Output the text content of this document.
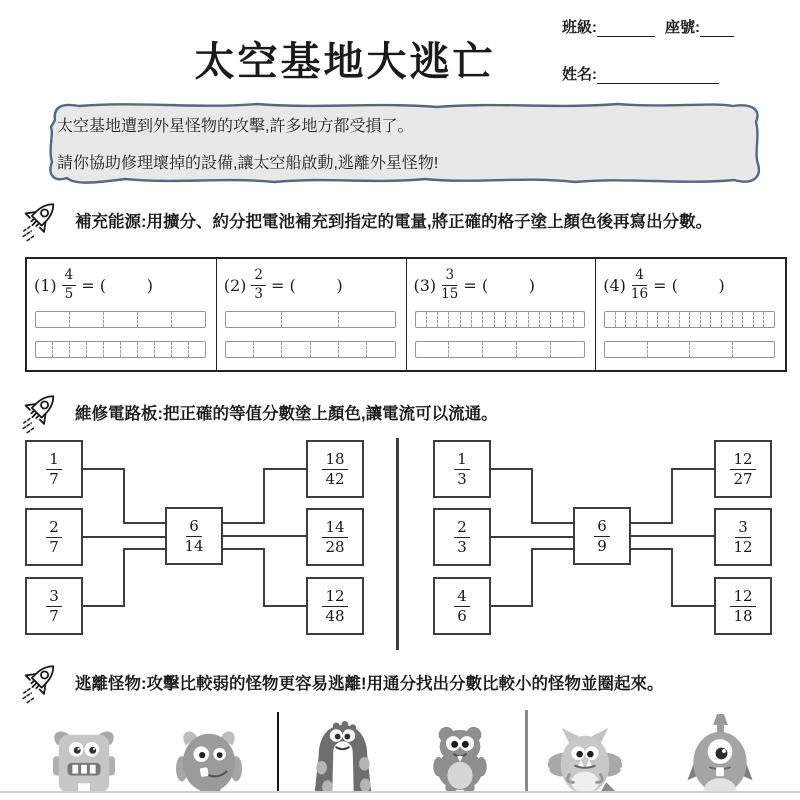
太空基地大逃亡
班級:	座號:
姓名:

太空基地遭到外星怪物的攻擊,許多地方都受損了。

請你協助修理壞掉的設備,讓太空船啟動,逃離外星怪物!

補充能源:用擴分、約分把電池補充到指定的電量,將正確的格子塗上顏色後再寫出分數。
$(1) \frac{4}{5}$ = (        )	$(2) \frac{2}{3}$ = (        )	$(3) \frac{3}{15}$ = (        )	$(4) \frac{4}{16}$ = (        )
維修電路板:把正確的等值分數塗上顏色,讓電流可以流通。
$\frac{1}{7}$
$\frac{2}{7}$
$\frac{3}{7}$
$\frac{6}{14}$
$\frac{18}{42}$
$\frac{14}{28}$
$\frac{12}{48}$
$\frac{1}{3}$
$\frac{2}{3}$
$\frac{4}{6}$
$\frac{6}{9}$
$\frac{12}{27}$
$\frac{3}{12}$
$\frac{12}{18}$
逃離怪物:攻擊比較弱的怪物更容易逃離!用通分找出分數比較小的怪物並圈起來。
